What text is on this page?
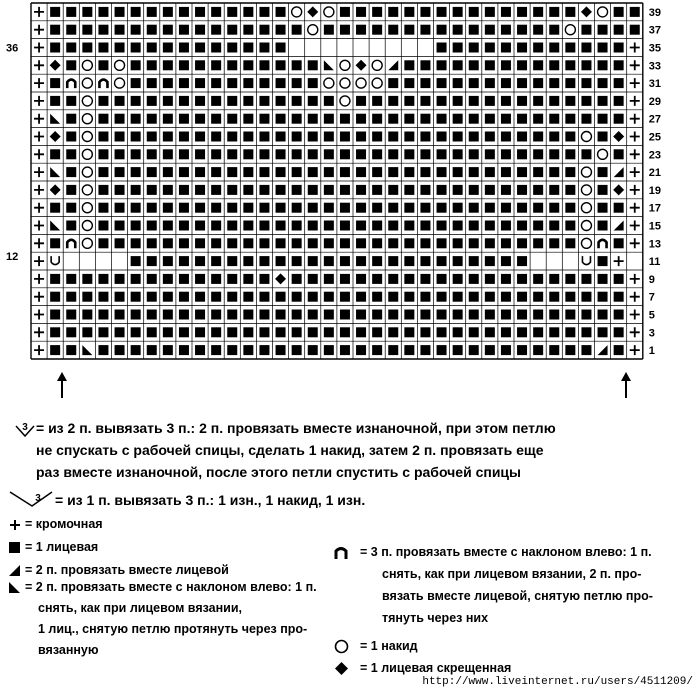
39
37
35
33
31
29
27
25
23
21
19
17
15
13
11
9
7
5
3
1
36
12
3 = из 2 п. вывязать 3 п.: 2 п. провязать вместе изнаночной, при этом петлю
не спускать с рабочей спицы, сделать 1 накид, затем 2 п. провязать еще
раз вместе изнаночной, после этого петли спустить с рабочей спицы
3 = из 1 п. вывязать 3 п.: 1 изн., 1 накид, 1 изн.
= кромочная
= 1 лицевая
= 2 п. провязать вместе лицевой
= 2 п. провязать вместе с наклоном влево: 1 п.
снять, как при лицевом вязании,
1 лиц., снятую петлю протянуть через про-
вязанную
= 3 п. провязать вместе с наклоном влево: 1 п.
снять, как при лицевом вязании, 2 п. про-
вязать вместе лицевой, снятую петлю про-
тянуть через них
= 1 накид
= 1 лицевая скрещенная
http://www.liveinternet.ru/users/4511209/
